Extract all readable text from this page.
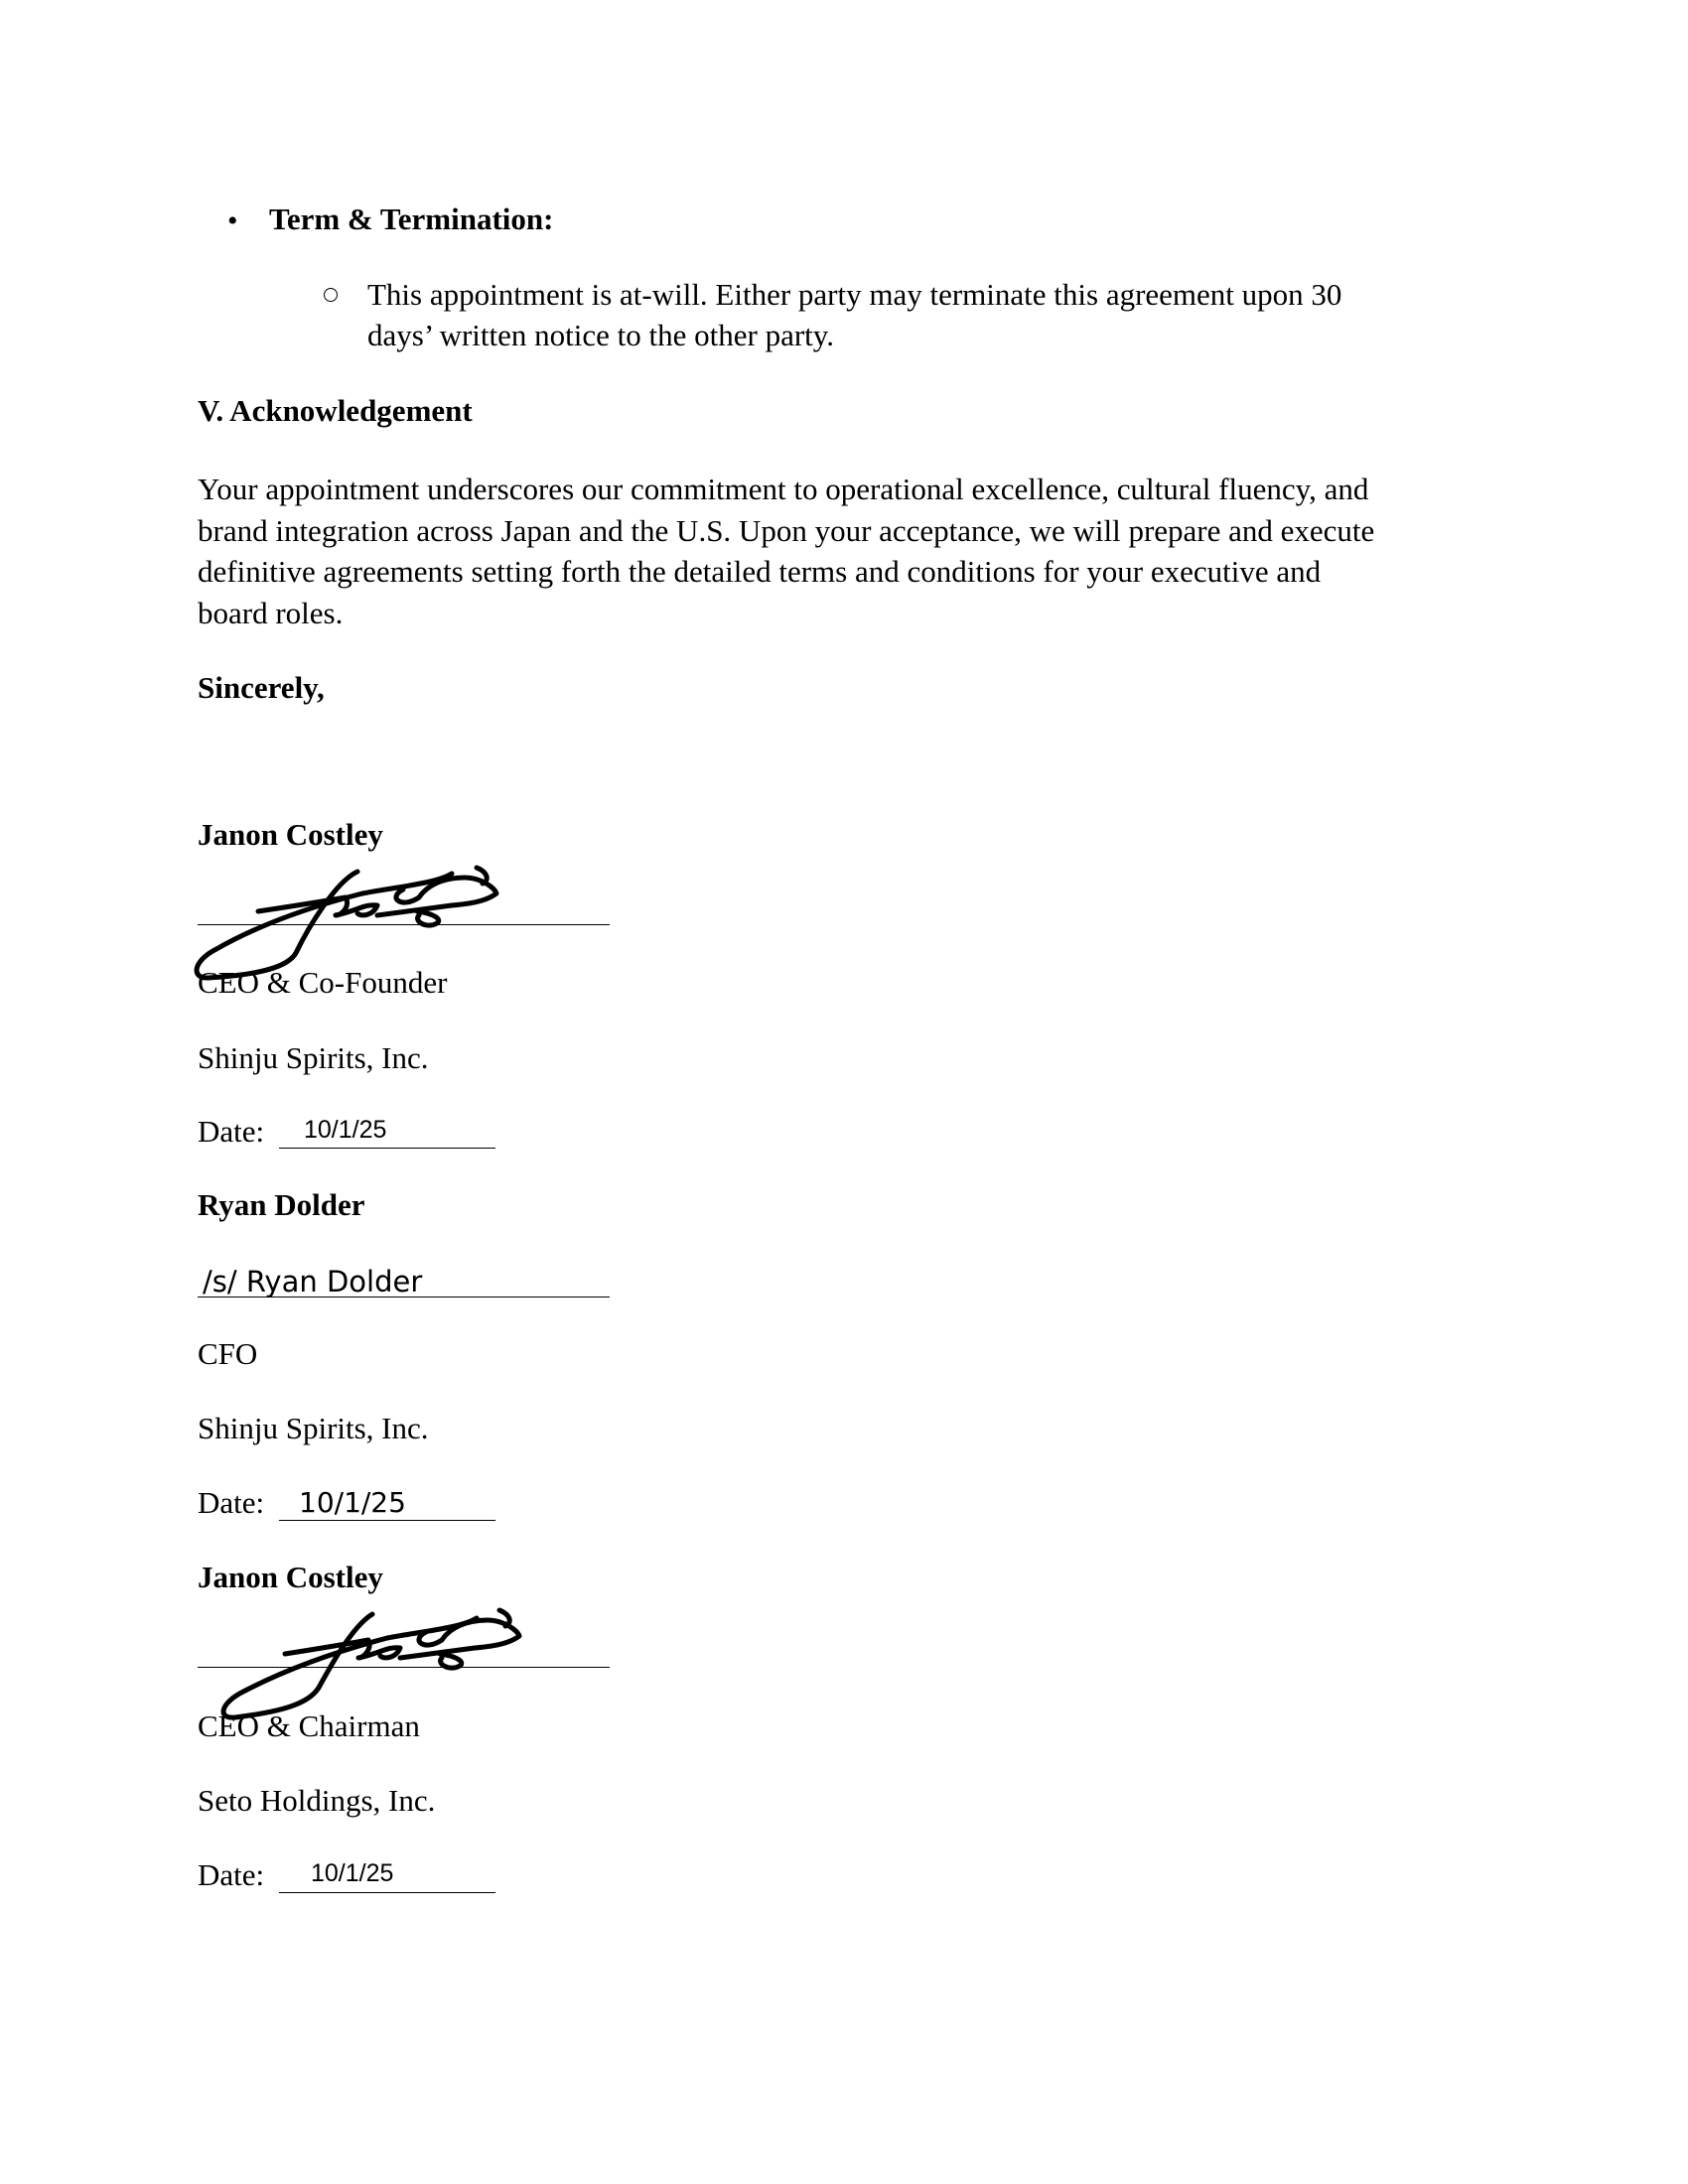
• Term & Termination:
This appointment is at-will. Either party may terminate this agreement upon 30
days’ written notice to the other party.
V. Acknowledgement
Your appointment underscores our commitment to operational excellence, cultural fluency, and
brand integration across Japan and the U.S. Upon your acceptance, we will prepare and execute
definitive agreements setting forth the detailed terms and conditions for your executive and
board roles.
Sincerely,
Janon Costley
CEO & Co-Founder
Shinju Spirits, Inc.
Date: 10/1/25
Ryan Dolder
/s/ Ryan Dolder
CFO
Shinju Spirits, Inc.
Date: 10/1/25
Janon Costley
CEO & Chairman
Seto Holdings, Inc.
Date: 10/1/25
